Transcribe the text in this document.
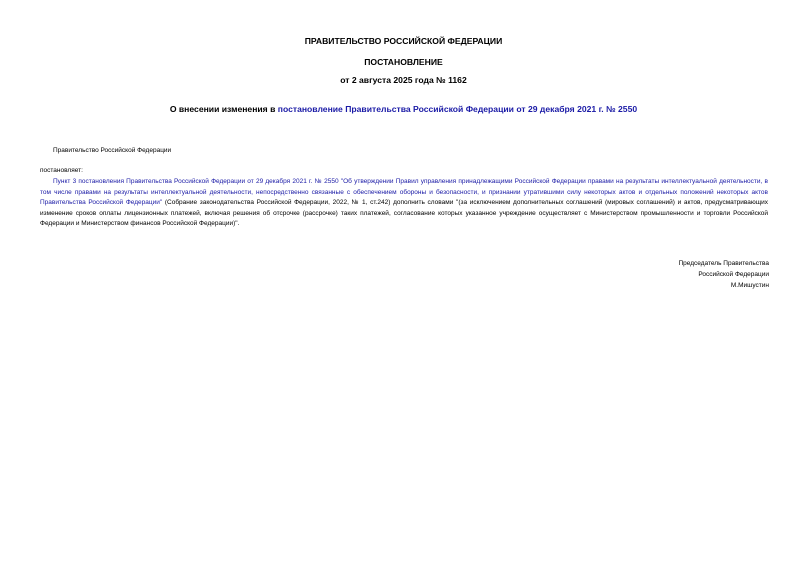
ПРАВИТЕЛЬСТВО РОССИЙСКОЙ ФЕДЕРАЦИИ
ПОСТАНОВЛЕНИЕ
от 2 августа 2025 года № 1162
О внесении изменения в постановление Правительства Российской Федерации от 29 декабря 2021 г. № 2550
Правительство Российской Федерации
постановляет:

Пункт 3 постановления Правительства Российской Федерации от 29 декабря 2021 г. № 2550 "Об утверждении Правил управления принадлежащими Российской Федерации правами на результаты интеллектуальной деятельности, в том числе правами на результаты интеллектуальной деятельности, непосредственно связанные с обеспечением обороны и безопасности, и признании утратившими силу некоторых актов и отдельных положений некоторых актов Правительства Российской Федерации" (Собрание законодательства Российской Федерации, 2022, № 1, ст.242) дополнить словами "(за исключением дополнительных соглашений (мировых соглашений) и актов, предусматривающих изменение сроков оплаты лицензионных платежей, включая решения об отсрочке (рассрочке) таких платежей, согласование которых указанное учреждение осуществляет с Министерством промышленности и торговли Российской Федерации и Министерством финансов Российской Федерации)".

Председатель Правительства
Российской Федерации
М.Мишустин
